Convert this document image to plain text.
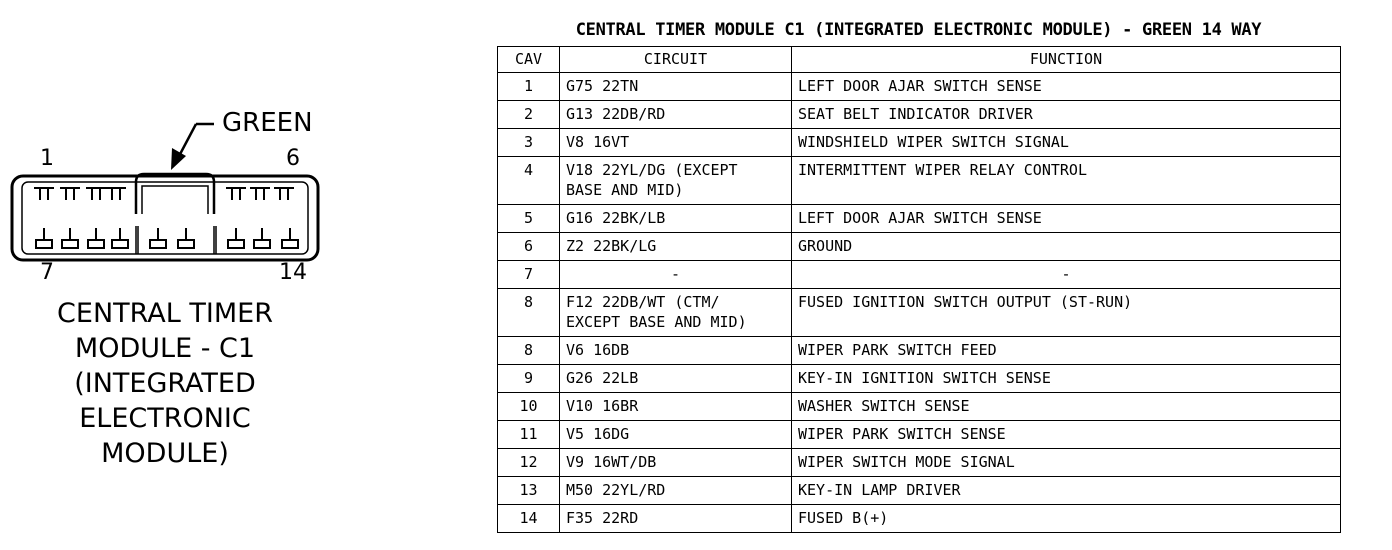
GREEN
1	6
7	14
CENTRAL TIMER
MODULE - C1
(INTEGRATED
ELECTRONIC
MODULE)
CENTRAL TIMER MODULE C1 (INTEGRATED ELECTRONIC MODULE) - GREEN 14 WAY
CAV	CIRCUIT	FUNCTION
1	G75 22TN	LEFT DOOR AJAR SWITCH SENSE
2	G13 22DB/RD	SEAT BELT INDICATOR DRIVER
3	V8 16VT	WINDSHIELD WIPER SWITCH SIGNAL
4	V18 22YL/DG (EXCEPT
BASE AND MID)	INTERMITTENT WIPER RELAY CONTROL
5	G16 22BK/LB	LEFT DOOR AJAR SWITCH SENSE
6	Z2 22BK/LG	GROUND
7	-	-
8	F12 22DB/WT (CTM/
EXCEPT BASE AND MID)	FUSED IGNITION SWITCH OUTPUT (ST-RUN)
8	V6 16DB	WIPER PARK SWITCH FEED
9	G26 22LB	KEY-IN IGNITION SWITCH SENSE
10	V10 16BR	WASHER SWITCH SENSE
11	V5 16DG	WIPER PARK SWITCH SENSE
12	V9 16WT/DB	WIPER SWITCH MODE SIGNAL
13	M50 22YL/RD	KEY-IN LAMP DRIVER
14	F35 22RD	FUSED B(+)
